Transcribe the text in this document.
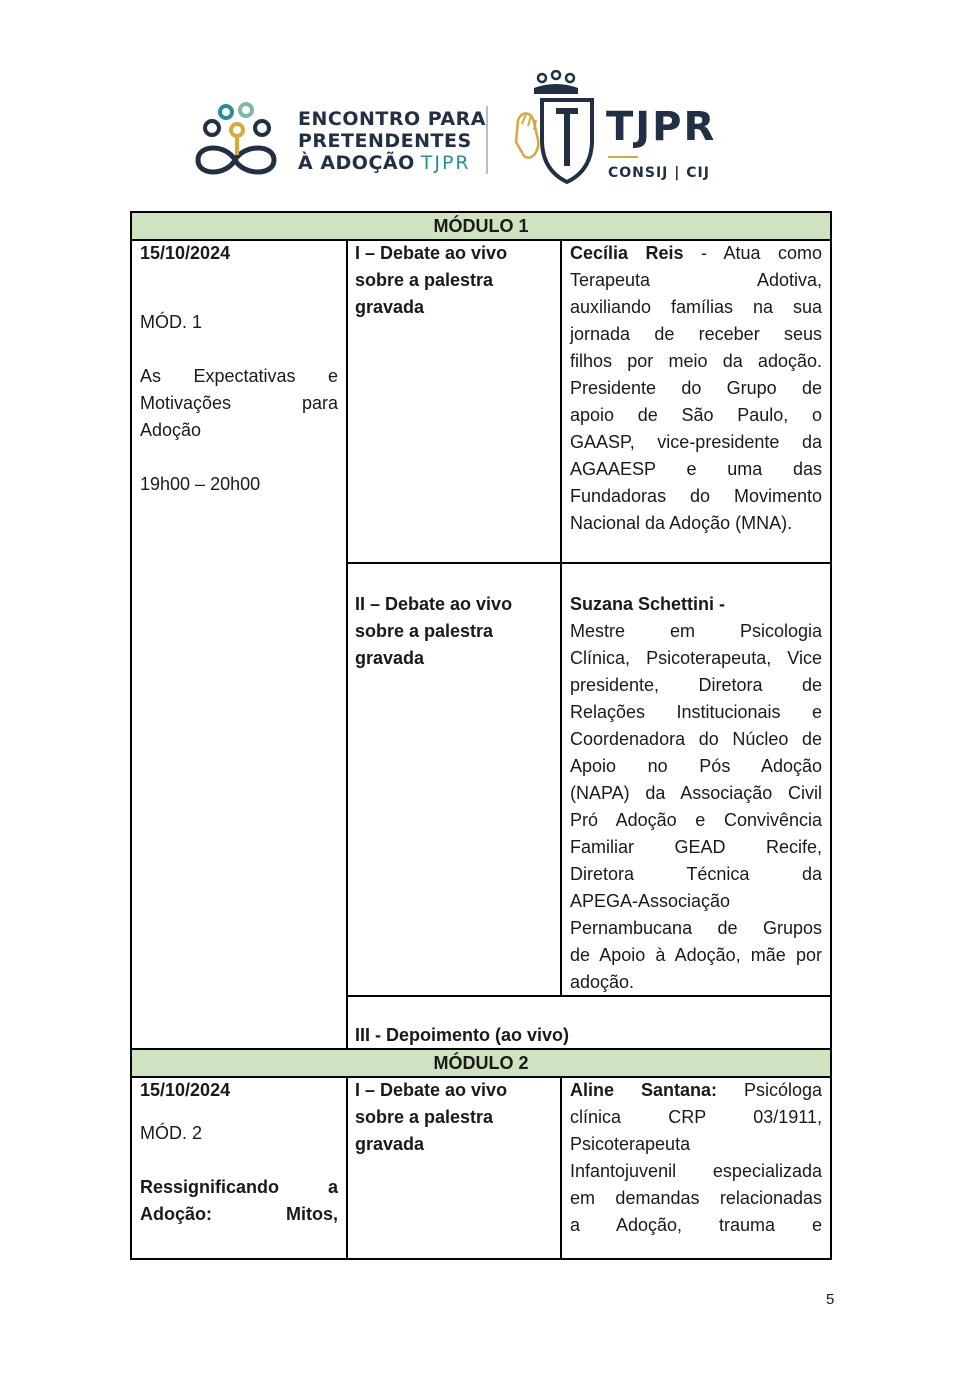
ENCONTRO PARA
PRETENDENTES
À ADOÇÃO TJPR
TJPR
CONSIJ | CIJ
MÓDULO 1
15/10/2024
MÓD. 1
As Expectativas e
Motivações para
Adoção
19h00 – 20h00
I – Debate ao vivo
sobre a palestra
gravada
Cecília Reis - Atua como
Terapeuta Adotiva,
auxiliando famílias na sua
jornada de receber seus
filhos por meio da adoção.
Presidente do Grupo de
apoio de São Paulo, o
GAASP, vice-presidente da
AGAAESP e uma das
Fundadoras do Movimento
Nacional da Adoção (MNA).
II – Debate ao vivo
sobre a palestra
gravada
Suzana Schettini -
Mestre em Psicologia
Clínica, Psicoterapeuta, Vice
presidente, Diretora de
Relações Institucionais e
Coordenadora do Núcleo de
Apoio no Pós Adoção
(NAPA) da Associação Civil
Pró Adoção e Convivência
Familiar GEAD Recife,
Diretora Técnica da
APEGA-Associação
Pernambucana de Grupos
de Apoio à Adoção, mãe por
adoção.
III - Depoimento (ao vivo)
MÓDULO 2
15/10/2024
MÓD. 2
Ressignificando a
Adoção: Mitos,
I – Debate ao vivo
sobre a palestra
gravada
Aline Santana: Psicóloga
clínica CRP 03/1911,
Psicoterapeuta
Infantojuvenil especializada
em demandas relacionadas
a Adoção, trauma e
5
